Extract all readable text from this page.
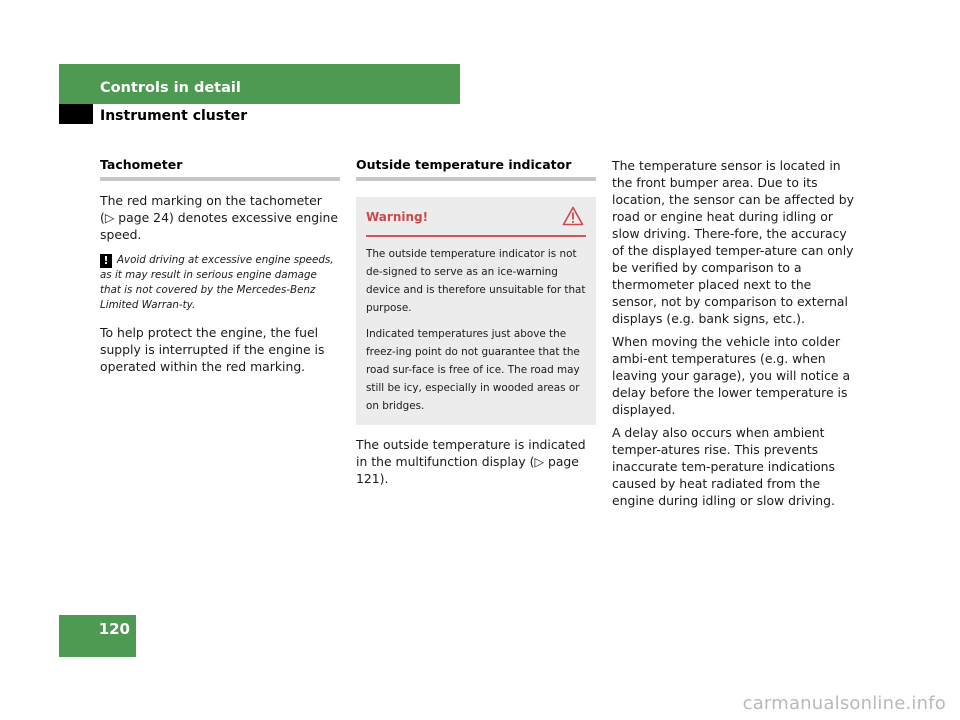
Controls in detail
Instrument cluster
Tachometer

The red marking on the tachometer (▷ page 24) denotes excessive engine speed.

! Avoid driving at excessive engine speeds, as it may result in serious engine damage that is not covered by the Mercedes-Benz Limited Warran-ty.

To help protect the engine, the fuel supply is interrupted if the engine is operated within the red marking.

Outside temperature indicator
Warning!

The outside temperature indicator is not de-signed to serve as an ice-warning device and is therefore unsuitable for that purpose.

Indicated temperatures just above the freez-ing point do not guarantee that the road sur-face is free of ice. The road may still be icy, especially in wooded areas or on bridges.

The outside temperature is indicated in the multifunction display (▷ page 121).

The temperature sensor is located in the front bumper area. Due to its location, the sensor can be affected by road or engine heat during idling or slow driving. There-fore, the accuracy of the displayed temper-ature can only be verified by comparison to a thermometer placed next to the sensor, not by comparison to external displays (e.g. bank signs, etc.).

When moving the vehicle into colder ambi-ent temperatures (e.g. when leaving your garage), you will notice a delay before the lower temperature is displayed.

A delay also occurs when ambient temper-atures rise. This prevents inaccurate tem-perature indications caused by heat radiated from the engine during idling or slow driving.

120
carmanualsonline.info
